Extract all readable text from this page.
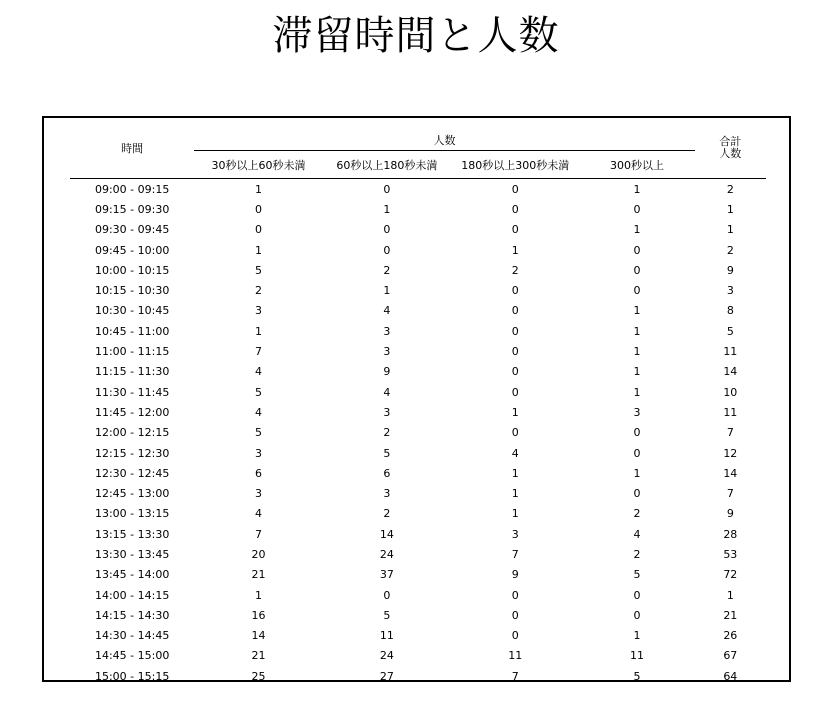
滞留時間と人数
時間	人数				合計
人数

	30秒以上60秒未満	60秒以上180秒未満	180秒以上300秒未満	300秒以上	
09:00 - 09:15	1	0	0	1	2
09:15 - 09:30	0	1	0	0	1
09:30 - 09:45	0	0	0	1	1
09:45 - 10:00	1	0	1	0	2
10:00 - 10:15	5	2	2	0	9
10:15 - 10:30	2	1	0	0	3
10:30 - 10:45	3	4	0	1	8
10:45 - 11:00	1	3	0	1	5
11:00 - 11:15	7	3	0	1	11
11:15 - 11:30	4	9	0	1	14
11:30 - 11:45	5	4	0	1	10
11:45 - 12:00	4	3	1	3	11
12:00 - 12:15	5	2	0	0	7
12:15 - 12:30	3	5	4	0	12
12:30 - 12:45	6	6	1	1	14
12:45 - 13:00	3	3	1	0	7
13:00 - 13:15	4	2	1	2	9
13:15 - 13:30	7	14	3	4	28
13:30 - 13:45	20	24	7	2	53
13:45 - 14:00	21	37	9	5	72
14:00 - 14:15	1	0	0	0	1
14:15 - 14:30	16	5	0	0	21
14:30 - 14:45	14	11	0	1	26
14:45 - 15:00	21	24	11	11	67
15:00 - 15:15	25	27	7	5	64
